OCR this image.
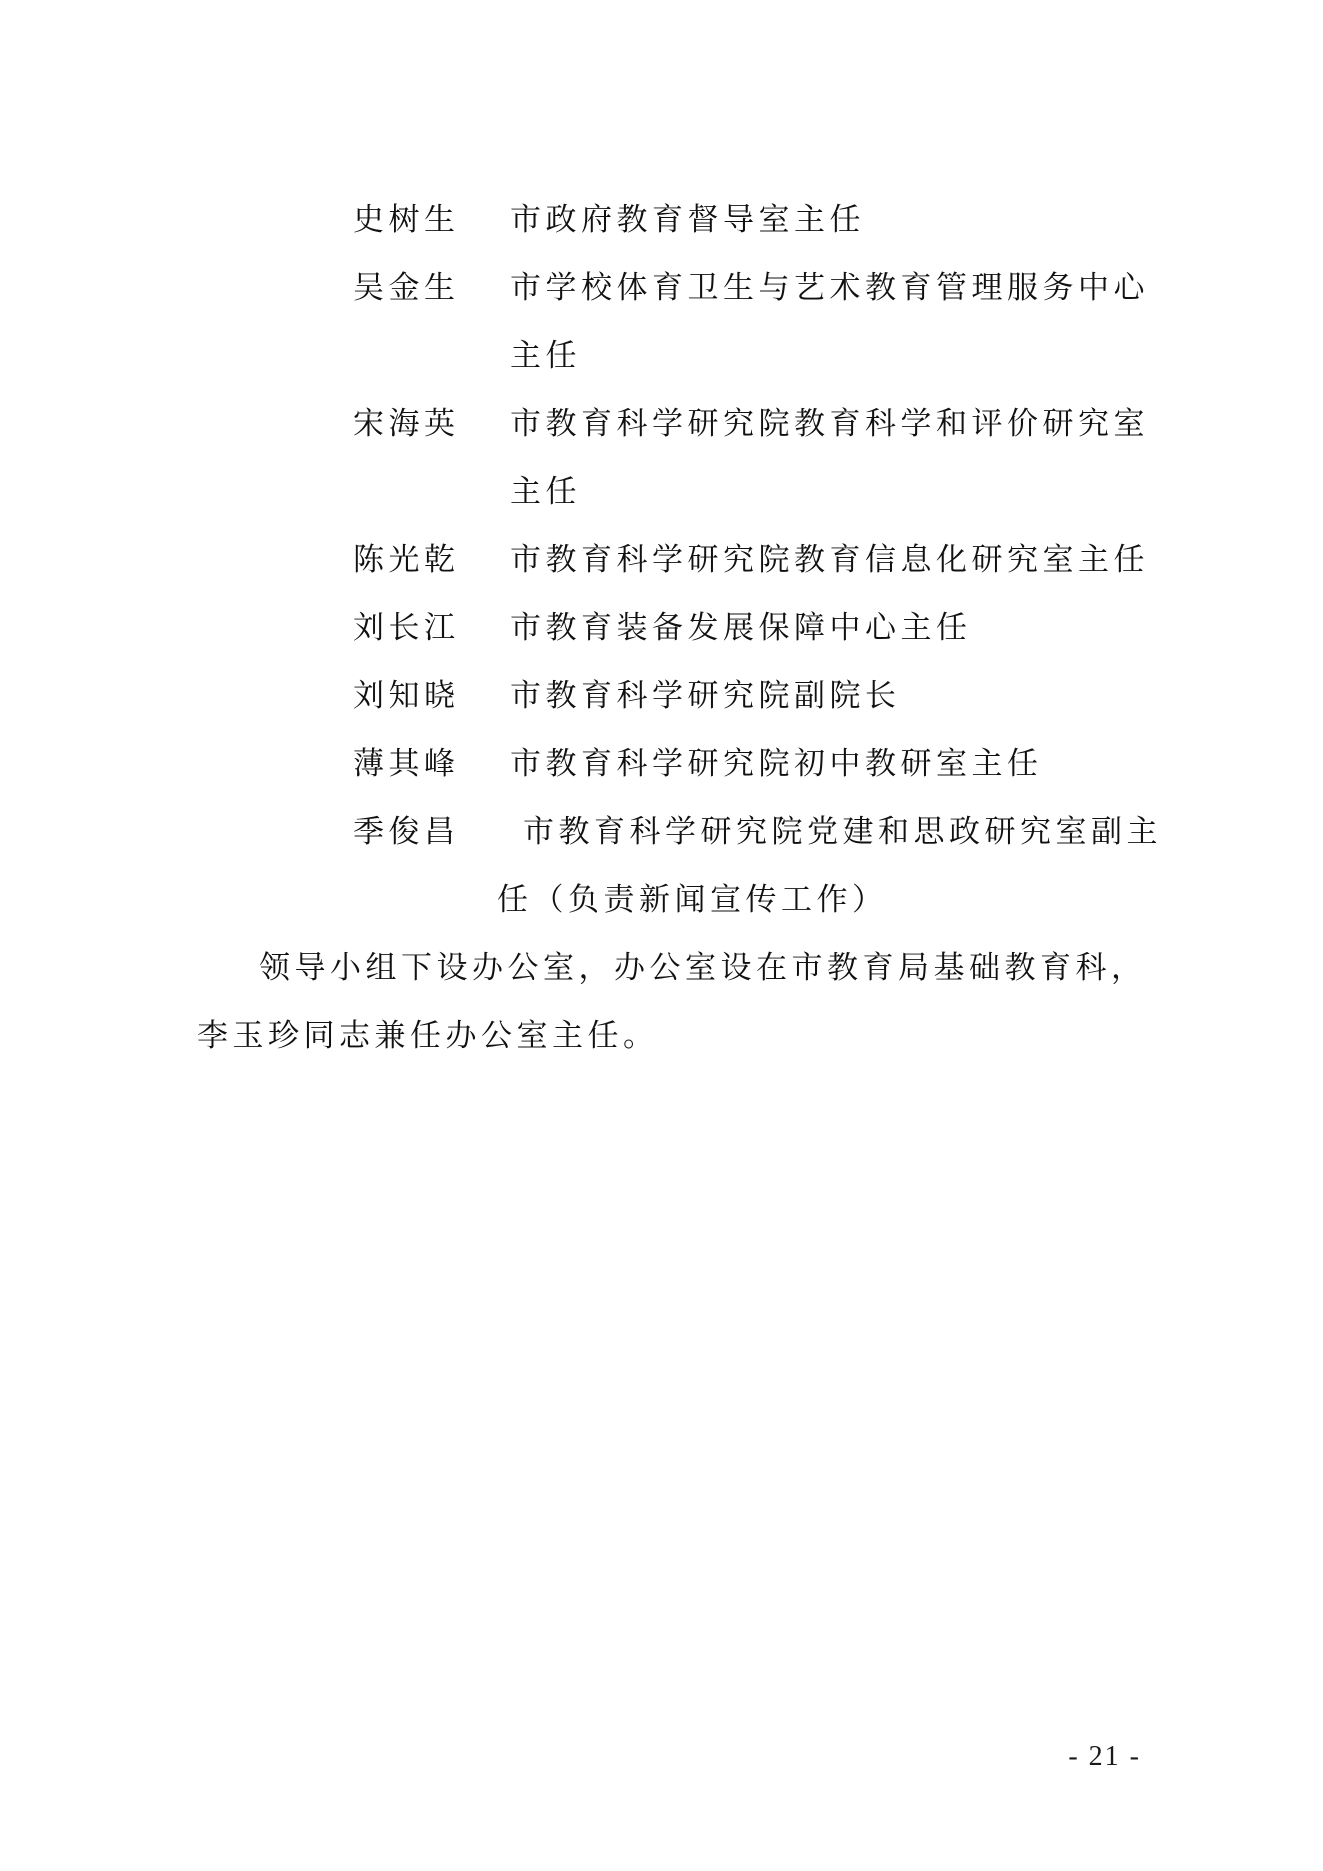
史树生	市政府教育督导室主任
吴金生	市学校体育卫生与艺术教育管理服务中心
主任
宋海英	市教育科学研究院教育科学和评价研究室
主任
陈光乾	市教育科学研究院教育信息化研究室主任
刘长江	市教育装备发展保障中心主任
刘知晓	市教育科学研究院副院长
薄其峰	市教育科学研究院初中教研室主任
季俊昌	市教育科学研究院党建和思政研究室副主
任（负责新闻宣传工作）
领导小组下设办公室，办公室设在市教育局基础教育科，
李玉珍同志兼任办公室主任。
- 21 -
